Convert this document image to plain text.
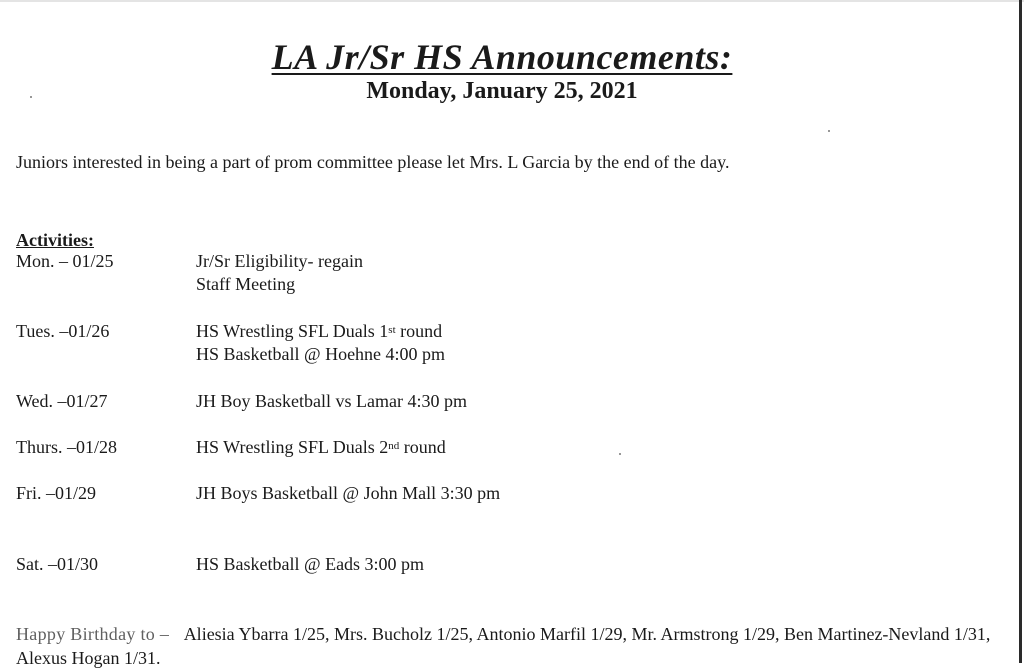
LA Jr/Sr HS Announcements:
Monday, January 25, 2021
Juniors interested in being a part of prom committee please let Mrs. L Garcia by the end of the day.
Activities:
Mon. – 01/25	Jr/Sr Eligibility- regain
Staff Meeting
Tues. –01/26	HS Wrestling SFL Duals 1st round
HS Basketball @ Hoehne 4:00 pm
Wed. –01/27	JH Boy Basketball vs Lamar 4:30 pm
Thurs. –01/28	HS Wrestling SFL Duals 2nd round
Fri. –01/29	JH Boys Basketball @ John Mall 3:30 pm
Sat. –01/30	HS Basketball @ Eads 3:00 pm
Happy Birthday to – Aliesia Ybarra 1/25, Mrs. Bucholz 1/25, Antonio Marfil 1/29, Mr. Armstrong 1/29, Ben Martinez-Nevland 1/31, Alexus Hogan 1/31.
